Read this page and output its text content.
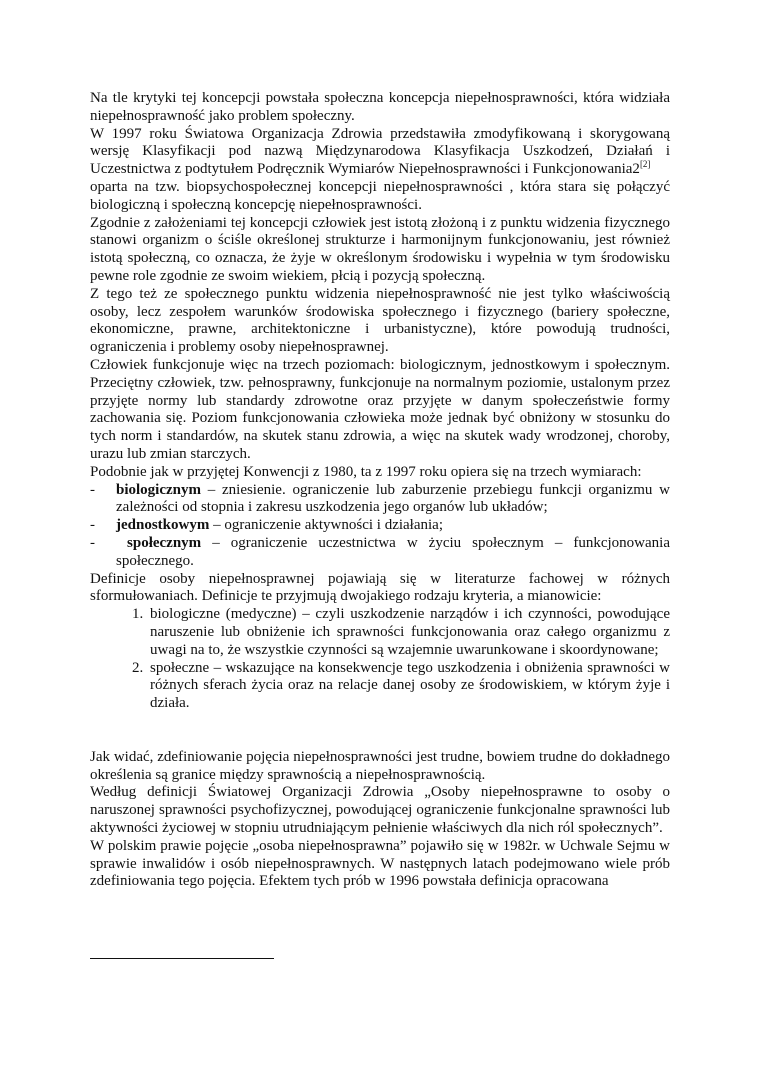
Na tle krytyki tej koncepcji powstała społeczna koncepcja niepełnosprawności, która widziała niepełnosprawność jako problem społeczny.

W 1997 roku Światowa Organizacja Zdrowia przedstawiła zmodyfikowaną i skorygowaną wersję Klasyfikacji pod nazwą Międzynarodowa Klasyfikacja Uszkodzeń, Działań i Uczestnictwa z podtytułem Podręcznik Wymiarów Niepełnosprawności i Funkcjonowania2[2]

oparta na tzw. biopsychospołecznej koncepcji niepełnosprawności , która stara się połączyć biologiczną i społeczną koncepcję niepełnosprawności.

Zgodnie z założeniami tej koncepcji człowiek jest istotą złożoną i z punktu widzenia fizycznego stanowi organizm o ściśle określonej strukturze i harmonijnym funkcjonowaniu, jest również istotą społeczną, co oznacza, że żyje w określonym środowisku i wypełnia w tym środowisku pewne role zgodnie ze swoim wiekiem, płcią i pozycją społeczną.

Z tego też ze społecznego punktu widzenia niepełnosprawność nie jest tylko właściwością osoby, lecz zespołem warunków środowiska społecznego i fizycznego (bariery społeczne, ekonomiczne, prawne, architektoniczne i urbanistyczne), które powodują trudności, ograniczenia i problemy osoby niepełnosprawnej.

Człowiek funkcjonuje więc na trzech poziomach: biologicznym, jednostkowym i społecznym. Przeciętny człowiek, tzw. pełnosprawny, funkcjonuje na normalnym poziomie, ustalonym przez przyjęte normy lub standardy zdrowotne oraz przyjęte w danym społeczeństwie formy zachowania się. Poziom funkcjonowania człowieka może jednak być obniżony w stosunku do tych norm i standardów, na skutek stanu zdrowia, a więc na skutek wady wrodzonej, choroby, urazu lub zmian starczych.

Podobnie jak w przyjętej Konwencji z 1980, ta z 1997 roku opiera się na trzech wymiarach:

- biologicznym – zniesienie. ograniczenie lub zaburzenie przebiegu funkcji organizmu w zależności od stopnia i zakresu uszkodzenia jego organów lub układów;
- jednostkowym – ograniczenie aktywności i działania;
- społecznym – ograniczenie uczestnictwa w życiu społecznym – funkcjonowania społecznego.

Definicje osoby niepełnosprawnej pojawiają się w literaturze fachowej w różnych sformułowaniach. Definicje te przyjmują dwojakiego rodzaju kryteria, a mianowicie:

1. biologiczne (medyczne) – czyli uszkodzenie narządów i ich czynności, powodujące naruszenie lub obniżenie ich sprawności funkcjonowania oraz całego organizmu z uwagi na to, że wszystkie czynności są wzajemnie uwarunkowane i skoordynowane;
2. społeczne – wskazujące na konsekwencje tego uszkodzenia i obniżenia sprawności w różnych sferach życia oraz na relacje danej osoby ze środowiskiem, w którym żyje i działa.

Jak widać, zdefiniowanie pojęcia niepełnosprawności jest trudne, bowiem trudne do dokładnego określenia są granice między sprawnością a niepełnosprawnością.

Według definicji Światowej Organizacji Zdrowia „Osoby niepełnosprawne to osoby o naruszonej sprawności psychofizycznej, powodującej ograniczenie funkcjonalne sprawności lub aktywności życiowej w stopniu utrudniającym pełnienie właściwych dla nich ról społecznych”.

W polskim prawie pojęcie „osoba niepełnosprawna” pojawiło się w 1982r. w Uchwale Sejmu w sprawie inwalidów i osób niepełnosprawnych. W następnych latach podejmowano wiele prób zdefiniowania tego pojęcia. Efektem tych prób w 1996 powstała definicja opracowana
